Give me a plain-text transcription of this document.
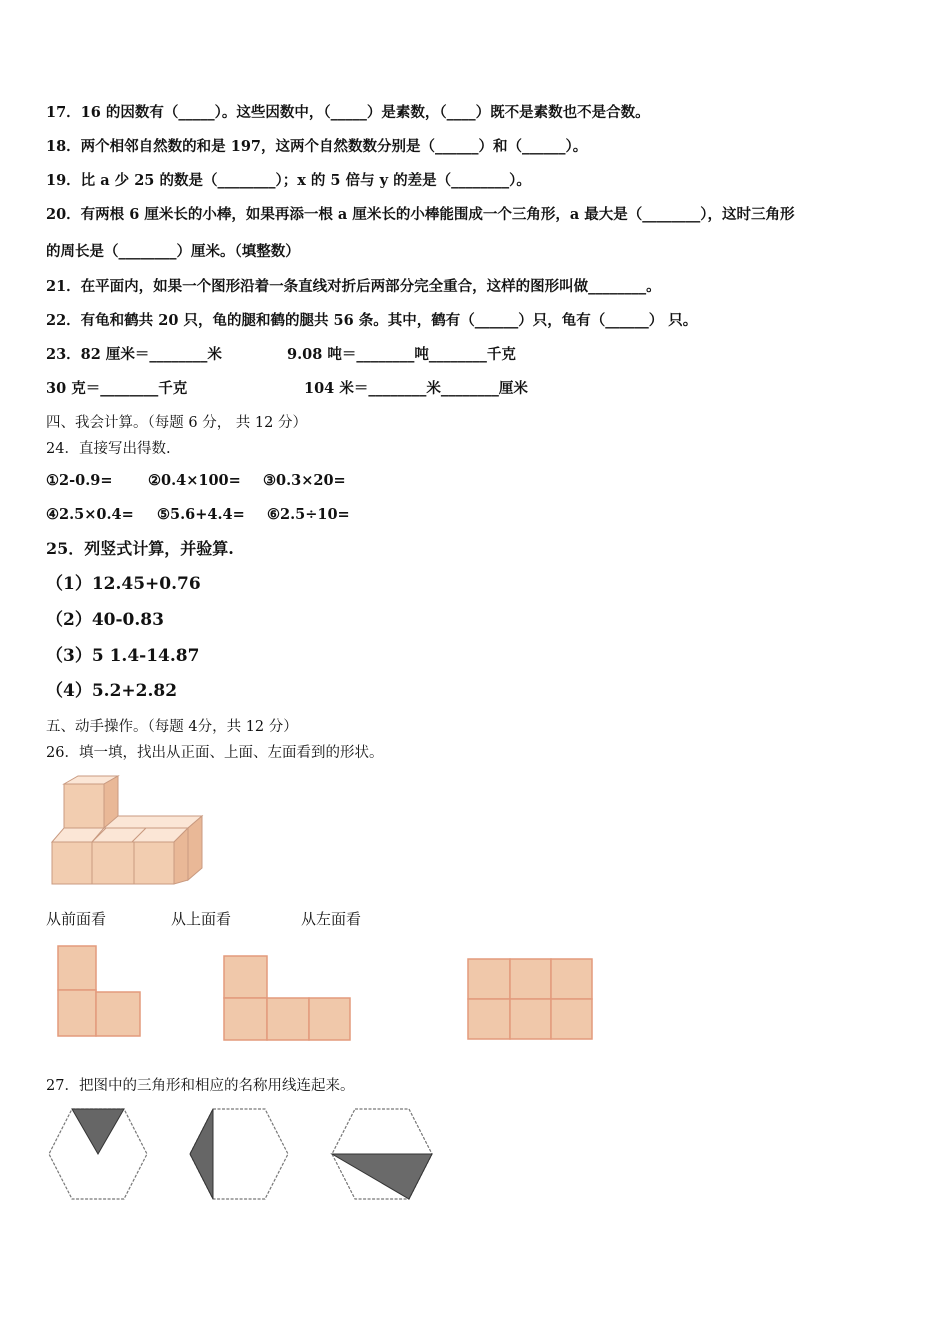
17．16 的因数有（_____）。这些因数中，（_____）是素数，（____）既不是素数也不是合数。
18．两个相邻自然数的和是 197，这两个自然数数分别是（______）和（______）。
19．比 a 少 25 的数是（________）；x 的 5 倍与 y 的差是（________）。
20．有两根 6 厘米长的小棒，如果再添一根 a 厘米长的小棒能围成一个三角形，a 最大是（________），这时三角形
的周长是（________）厘米。（填整数）
21．在平面内，如果一个图形沿着一条直线对折后两部分完全重合，这样的图形叫做________。
22．有龟和鹤共 20 只，龟的腿和鹤的腿共 56 条。其中，鹤有（______）只，龟有（______） 只。
23．82 厘米＝________米	9.08 吨＝________吨________千克
30 克＝________千克	104 米＝________米________厘米
四、我会计算。（每题 6 分， 共 12 分）
24．直接写出得数.
①2-0.9= ②0.4×100= ③0.3×20=
④2.5×0.4= ⑤5.6+4.4= ⑥2.5÷10=
25．列竖式计算，并验算.
（1）12.45+0.76
（2）40-0.83
（3）5 1.4-14.87
（4）5.2+2.82
五、动手操作。（每题 4分，共 12 分）
26．填一填，找出从正面、上面、左面看到的形状。
从前面看	从上面看	从左面看
27．把图中的三角形和相应的名称用线连起来。
